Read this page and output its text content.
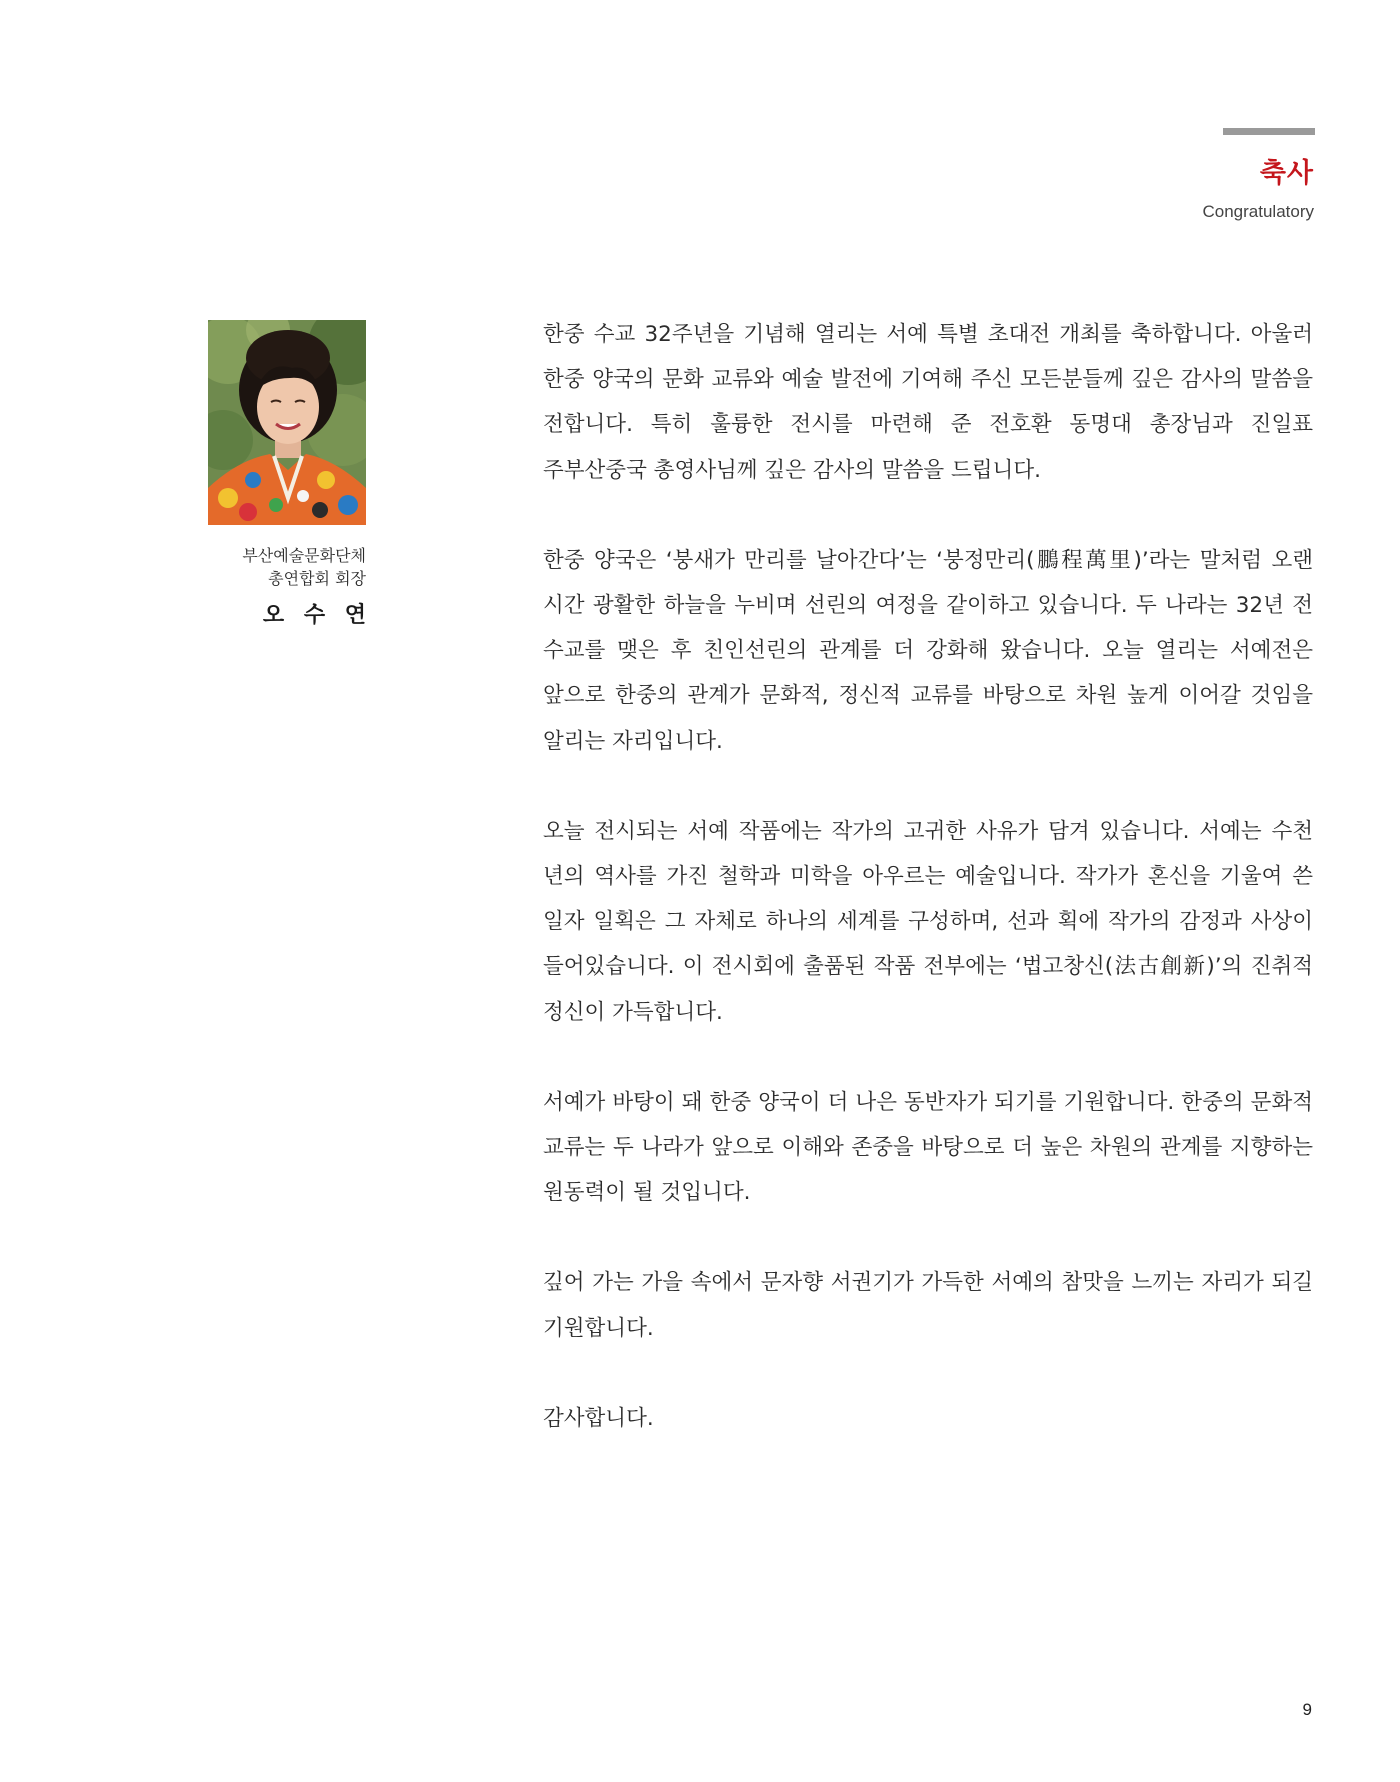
축사
Congratulatory
부산예술문화단체
총연합회 회장
오 수 연

한중 수교 32주년을 기념해 열리는 서예 특별 초대전 개최를 축하합니다. 아울러 한중 양국의 문화 교류와 예술 발전에 기여해 주신 모든분들께 깊은 감사의 말씀을 전합니다. 특히 훌륭한 전시를 마련해 준 전호환 동명대 총장님과 진일표 주부산중국 총영사님께 깊은 감사의 말씀을 드립니다.

한중 양국은 ‘붕새가 만리를 날아간다’는 ‘붕정만리(鵬程萬里)’라는 말처럼 오랜 시간 광활한 하늘을 누비며 선린의 여정을 같이하고 있습니다. 두 나라는 32년 전 수교를 맺은 후 친인선린의 관계를 더 강화해 왔습니다. 오늘 열리는 서예전은 앞으로 한중의 관계가 문화적, 정신적 교류를 바탕으로 차원 높게 이어갈 것임을 알리는 자리입니다.

오늘 전시되는 서예 작품에는 작가의 고귀한 사유가 담겨 있습니다. 서예는 수천 년의 역사를 가진 철학과 미학을 아우르는 예술입니다. 작가가 혼신을 기울여 쓴 일자 일획은 그 자체로 하나의 세계를 구성하며, 선과 획에 작가의 감정과 사상이 들어있습니다. 이 전시회에 출품된 작품 전부에는 ‘법고창신(法古創新)’의 진취적 정신이 가득합니다.

서예가 바탕이 돼 한중 양국이 더 나은 동반자가 되기를 기원합니다. 한중의 문화적 교류는 두 나라가 앞으로 이해와 존중을 바탕으로 더 높은 차원의 관계를 지향하는 원동력이 될 것입니다.

깊어 가는 가을 속에서 문자향 서권기가 가득한 서예의 참맛을 느끼는 자리가 되길 기원합니다.

감사합니다.

9
